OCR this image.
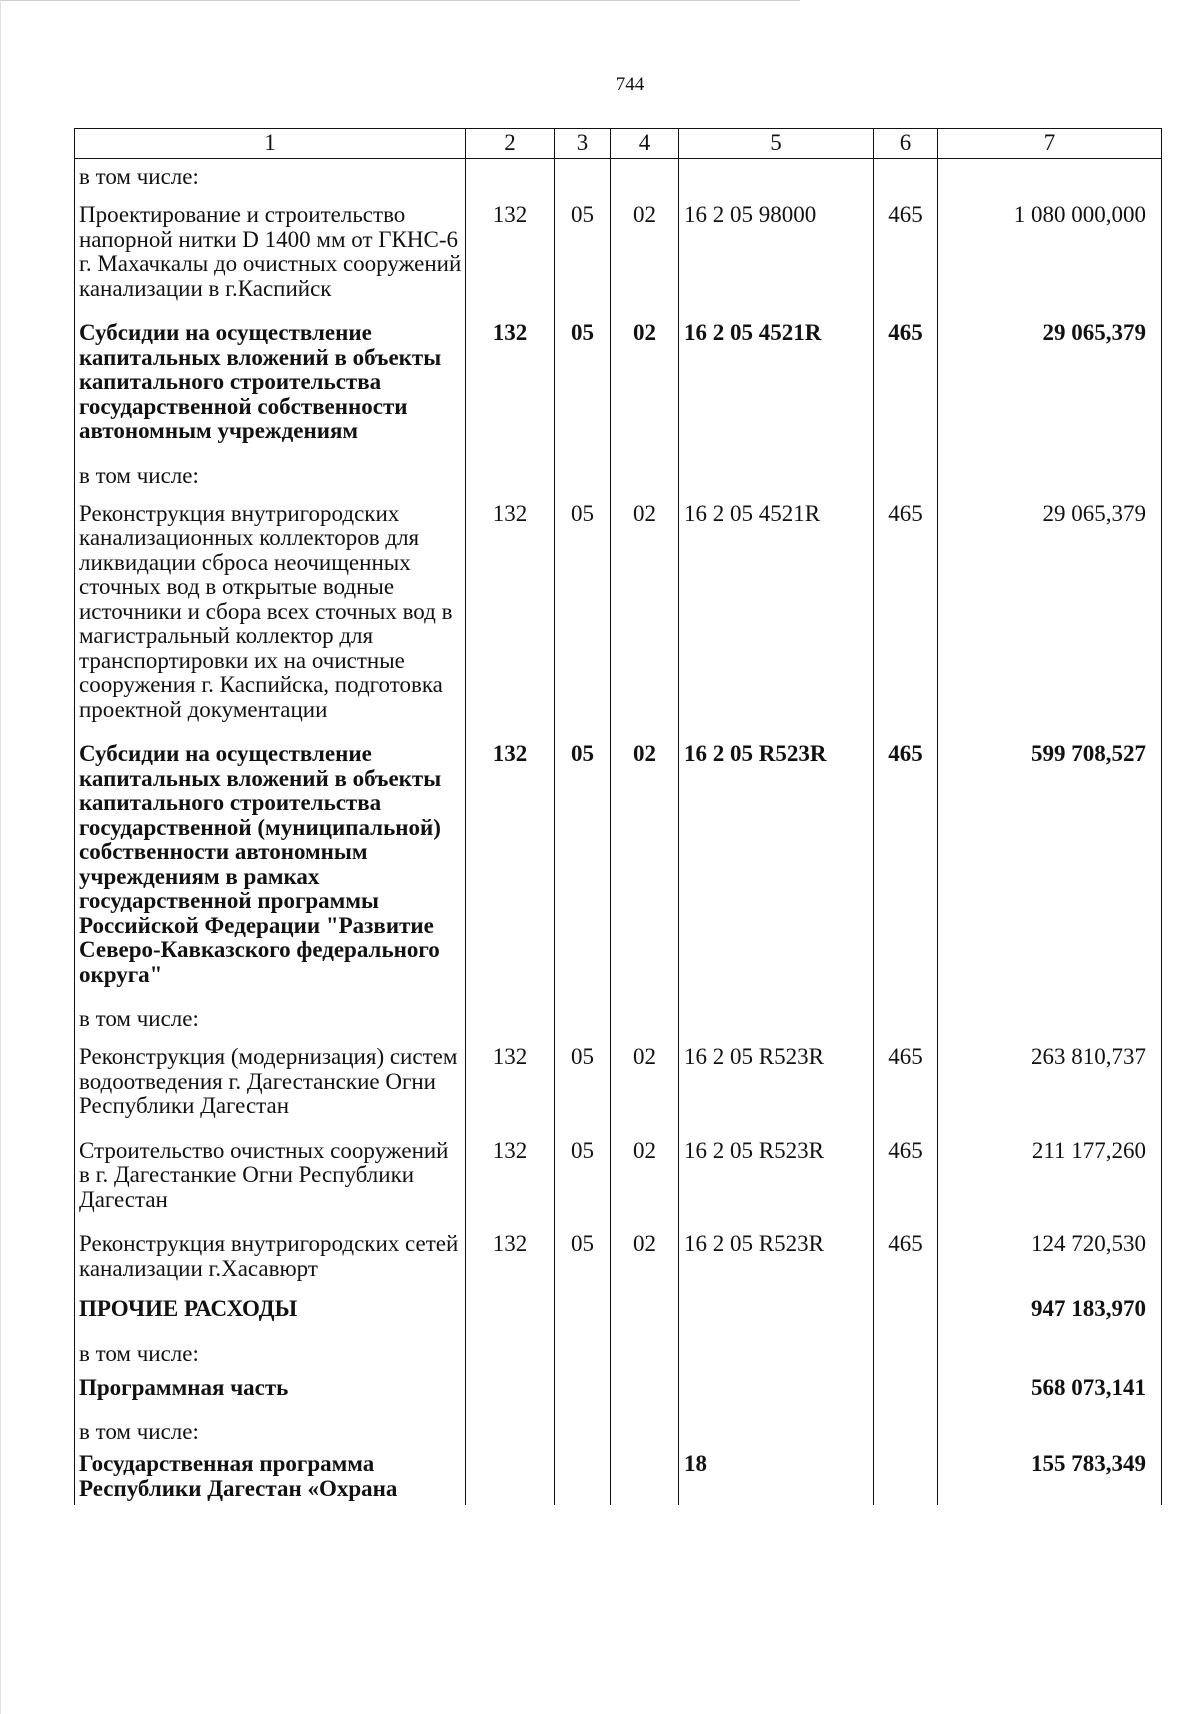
744
1	2	3	4	5	6	7
в том числе:						
Проектирование и строительство напорной нитки D 1400 мм от ГКНС-6 г. Махачкалы до очистных сооружений канализации в г.Каспийск	132	05	02	16 2 05 98000	465	1 080 000,000
Субсидии на осуществление капитальных вложений в объекты капитального строительства государственной собственности автономным учреждениям	132	05	02	16 2 05 4521R	465	29 065,379
в том числе:						
Реконструкция внутригородских канализационных коллекторов для ликвидации сброса неочищенных сточных вод в открытые водные источники и сбора всех сточных вод в магистральный коллектор для транспортировки их на очистные сооружения г. Каспийска, подготовка проектной документации	132	05	02	16 2 05 4521R	465	29 065,379
Субсидии на осуществление капитальных вложений в объекты капитального строительства государственной (муниципальной) собственности автономным учреждениям в рамках государственной программы Российской Федерации "Развитие Северо-Кавказского федерального округа"	132	05	02	16 2 05 R523R	465	599 708,527
в том числе:						
Реконструкция (модернизация) систем водоотведения г. Дагестанские Огни Республики Дагестан	132	05	02	16 2 05 R523R	465	263 810,737
Строительство очистных сооружений в г. Дагестанкие Огни Республики Дагестан	132	05	02	16 2 05 R523R	465	211 177,260
Реконструкция внутригородских сетей канализации г.Хасавюрт	132	05	02	16 2 05 R523R	465	124 720,530
ПРОЧИЕ РАСХОДЫ						947 183,970
в том числе:						
Программная часть						568 073,141
в том числе:						
Государственная программа Республики Дагестан «Охрана				18		155 783,349
